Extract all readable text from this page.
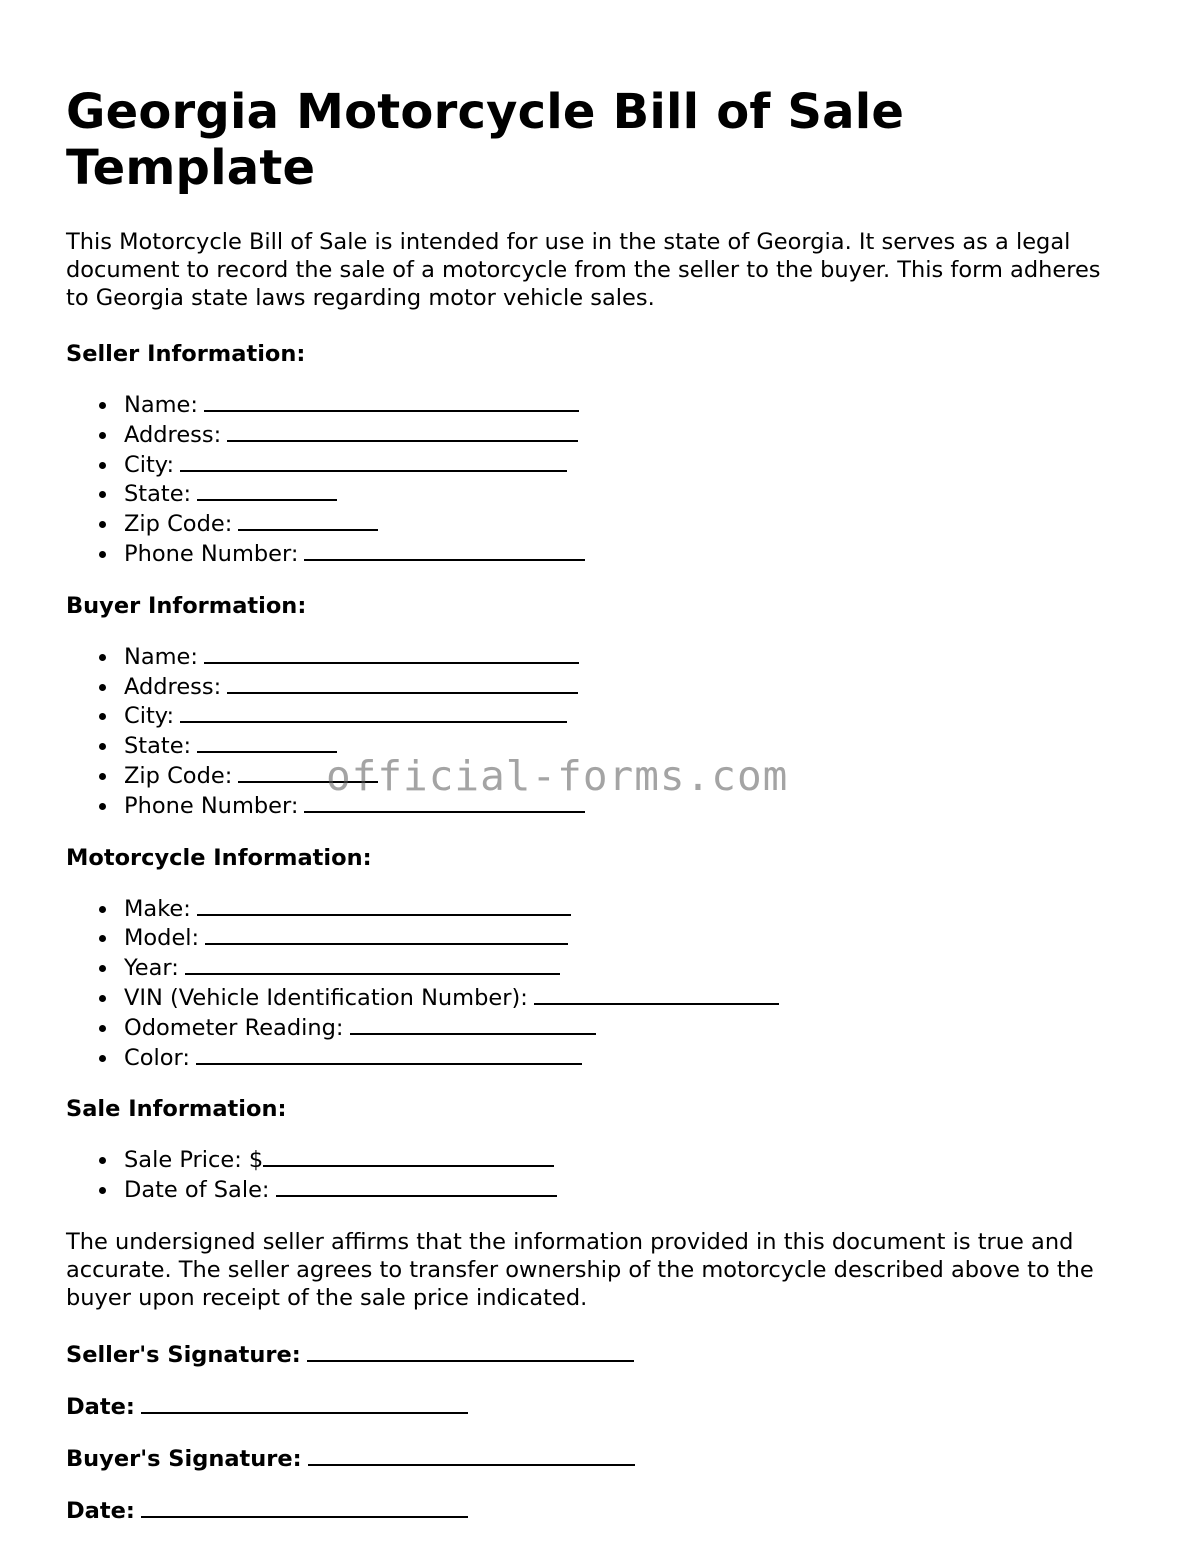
Georgia Motorcycle Bill of Sale Template

This Motorcycle Bill of Sale is intended for use in the state of Georgia. It serves as a legal document to record the sale of a motorcycle from the seller to the buyer. This form adheres to Georgia state laws regarding motor vehicle sales.

Seller Information:
Name:
Address:
City:
State:
Zip Code:
Phone Number:
Buyer Information:
Name:
Address:
City:
State:
Zip Code:
Phone Number:
Motorcycle Information:
Make:
Model:
Year:
VIN (Vehicle Identification Number):
Odometer Reading:
Color:
Sale Information:
Sale Price: $
Date of Sale:

The undersigned seller affirms that the information provided in this document is true and accurate. The seller agrees to transfer ownership of the motorcycle described above to the buyer upon receipt of the sale price indicated.

Seller's Signature:
Date:
Buyer's Signature:
Date:
official-forms.com
